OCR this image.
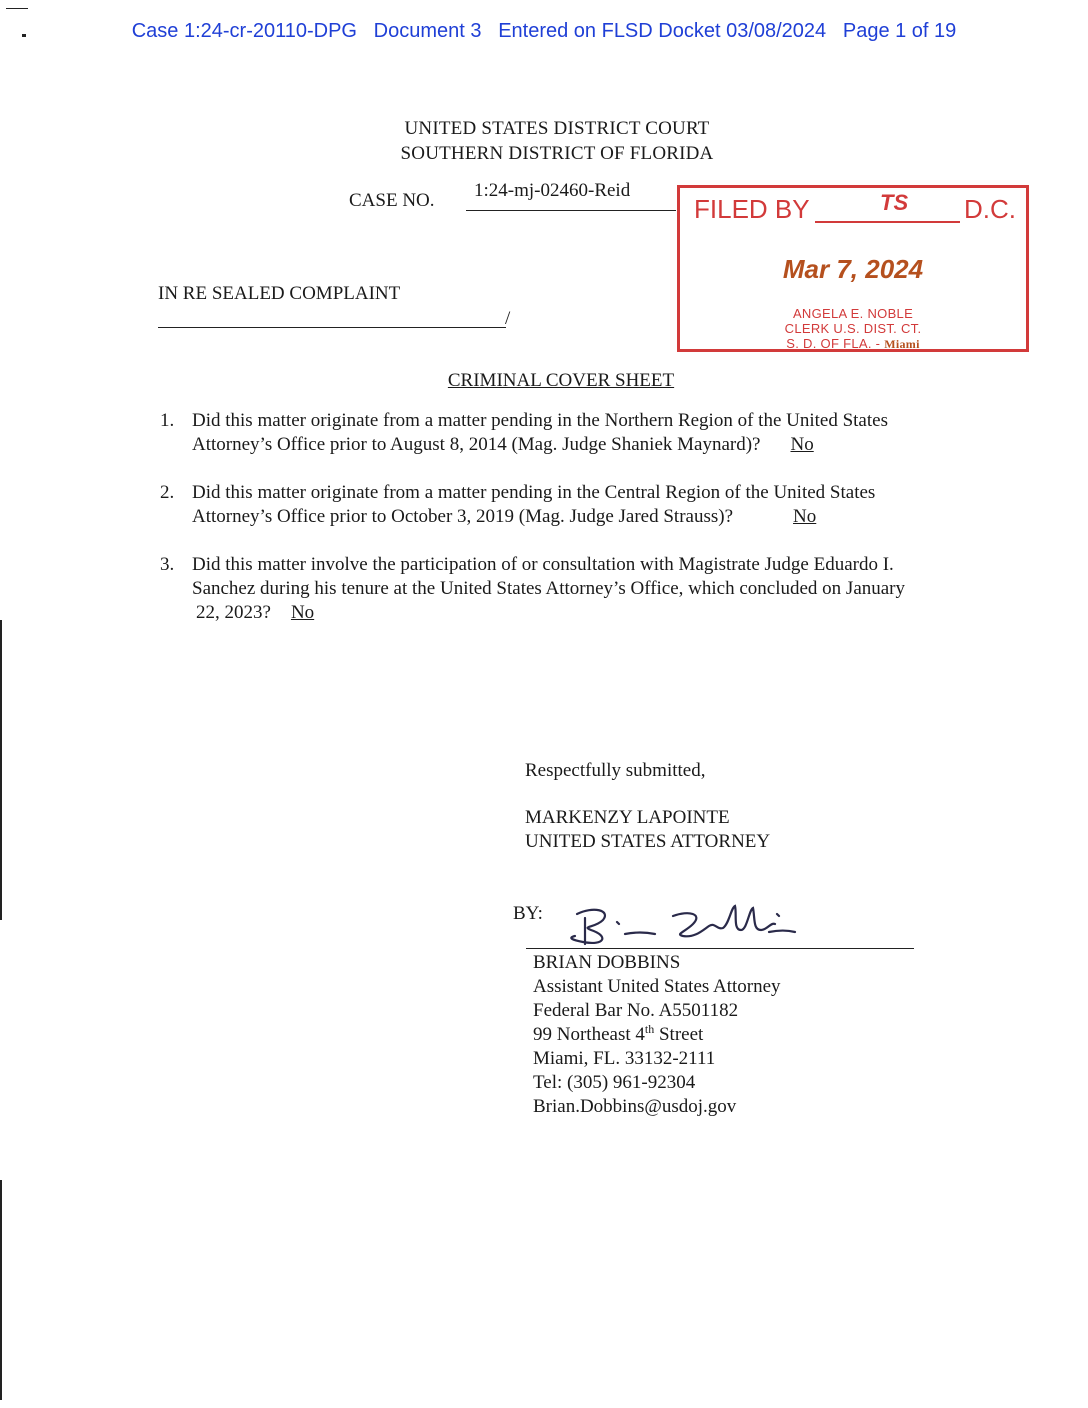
Case 1:24-cr-20110-DPG Document 3 Entered on FLSD Docket 03/08/2024 Page 1 of 19
UNITED STATES DISTRICT COURT
SOUTHERN DISTRICT OF FLORIDA
CASE NO. 1:24-mj-02460-Reid
IN RE SEALED COMPLAINT
/
FILED BY	TS D.C.
Mar 7, 2024
ANGELA E. NOBLE
CLERK U.S. DIST. CT.
S. D. OF FLA. - Miami
CRIMINAL COVER SHEET
1. Did this matter originate from a matter pending in the Northern Region of the United States
Attorney’s Office prior to August 8, 2014 (Mag. Judge Shaniek Maynard)? No
2. Did this matter originate from a matter pending in the Central Region of the United States
Attorney’s Office prior to October 3, 2019 (Mag. Judge Jared Strauss)?	No
3. Did this matter involve the participation of or consultation with Magistrate Judge Eduardo I.
Sanchez during his tenure at the United States Attorney’s Office, which concluded on January
22, 2023? No
Respectfully submitted,
MARKENZY LAPOINTE
UNITED STATES ATTORNEY
BY:
BRIAN DOBBINS
Assistant United States Attorney
Federal Bar No. A5501182
99 Northeast 4th Street
Miami, FL. 33132-2111
Tel: (305) 961-92304
Brian.Dobbins@usdoj.gov
